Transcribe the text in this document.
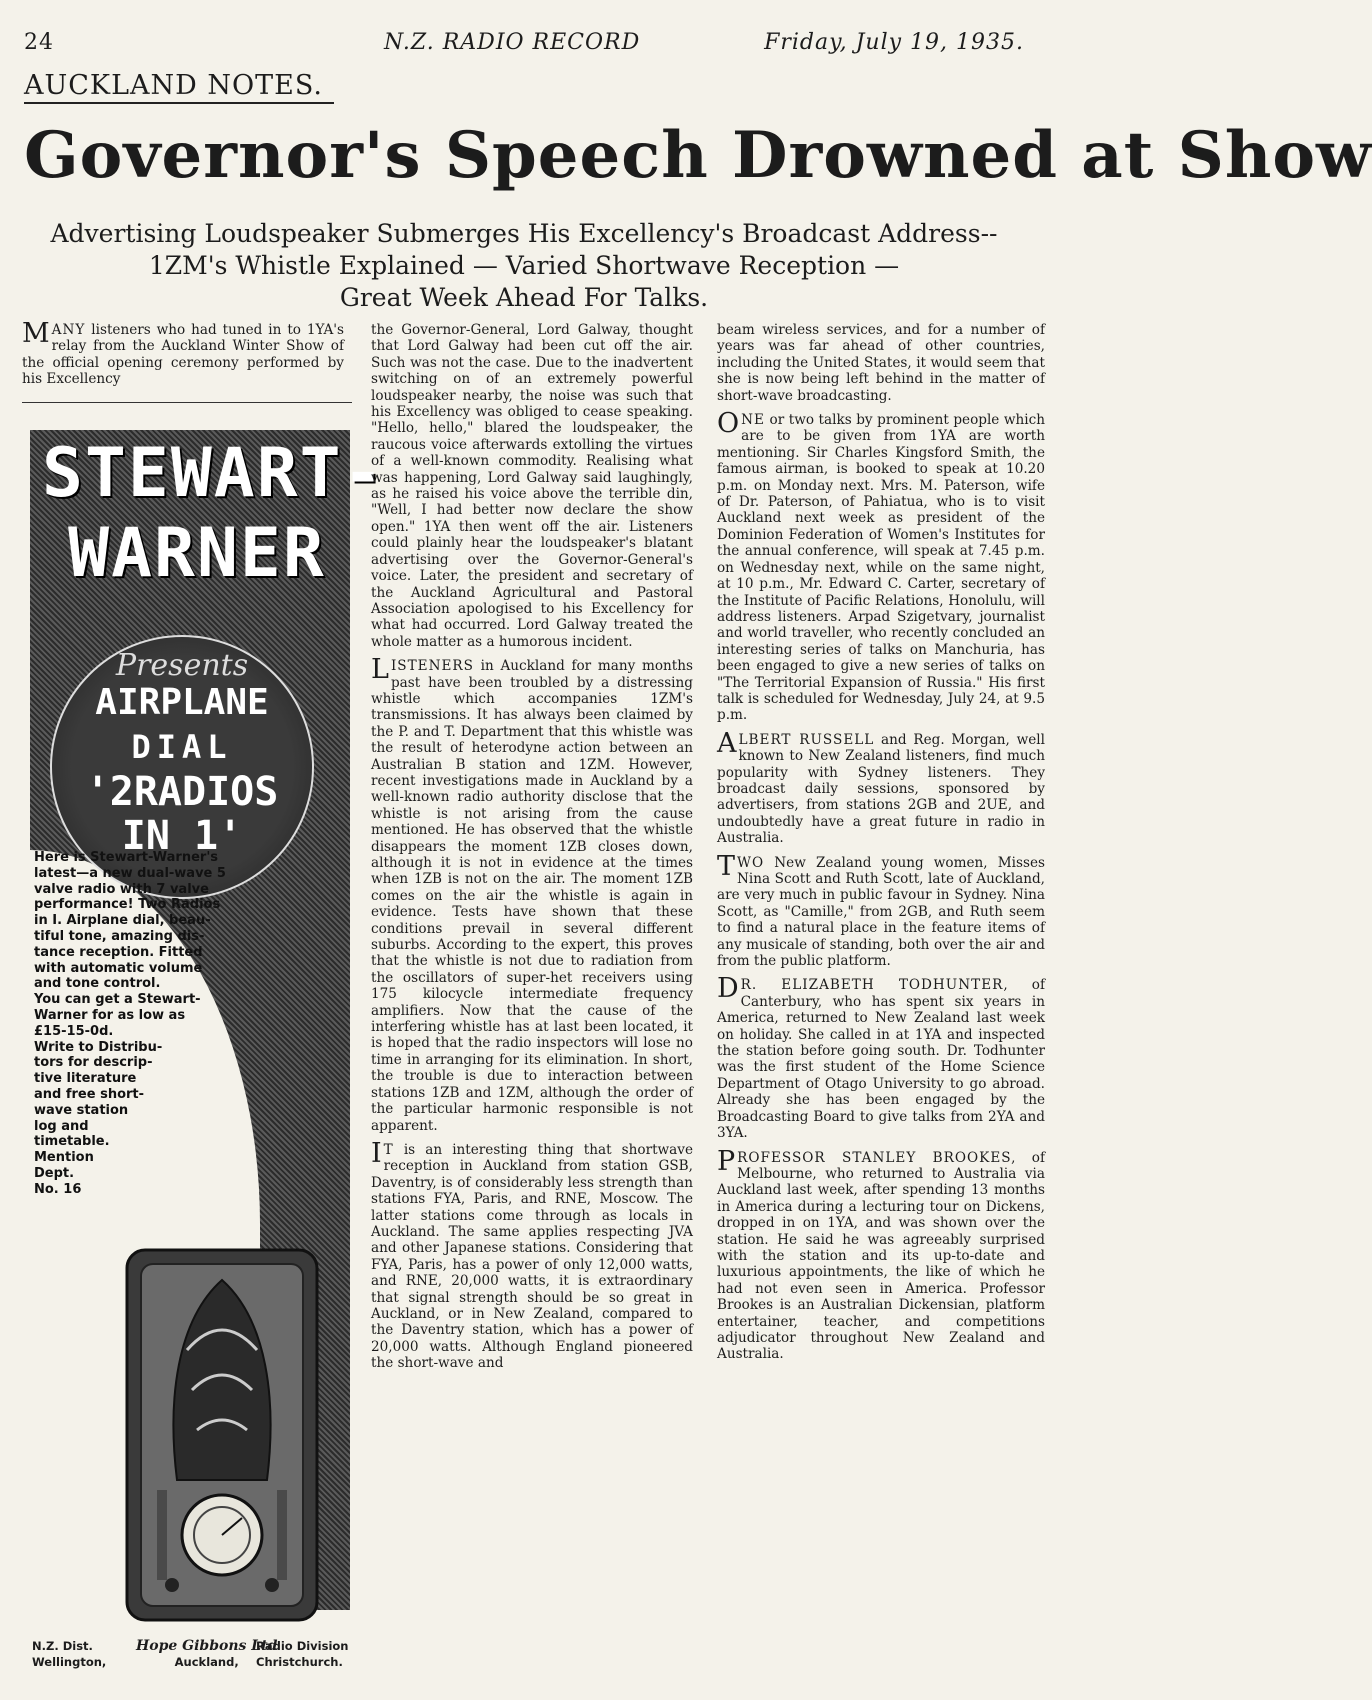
24	N.Z. RADIO RECORD	Friday, July 19, 1935.
AUCKLAND NOTES.
Governor's Speech Drowned at Show
Advertising Loudspeaker Submerges His Excellency's Broadcast Address--
1ZM's Whistle Explained — Varied Shortwave Reception —
Great Week Ahead For Talks.

MANY listeners who had tuned in to 1YA's relay from the Auckland Winter Show of the official opening ceremony performed by his Excellency

STEWART-
WARNER
Presents
AIRPLANE
DIAL
'2RADIOS
IN 1'
Here is Stewart-Warner's
latest—a new dual-wave 5
valve radio with 7 valve
performance! Two Radios
in I. Airplane dial, beau-
tiful tone, amazing dis-
tance reception. Fitted
with automatic volume
and tone control.
You can get a Stewart-
Warner for as low as
£15-15-0d.
Write to Distribu-
tors for descrip-
tive literature
and free short-
wave station
log and
timetable.
Mention
Dept.
No. 16
N.Z. Dist.
Wellington,
Hope Gibbons Ltd
Auckland,
Radio Division
Christchurch.

the Governor-General, Lord Galway, thought that Lord Galway had been cut off the air. Such was not the case. Due to the inadvertent switching on of an extremely powerful loudspeaker nearby, the noise was such that his Excellency was obliged to cease speaking. "Hello, hello," blared the loudspeaker, the raucous voice afterwards extolling the virtues of a well-known commodity. Realising what was happening, Lord Galway said laughingly, as he raised his voice above the terrible din, "Well, I had better now declare the show open." 1YA then went off the air. Listeners could plainly hear the loudspeaker's blatant advertising over the Governor-General's voice. Later, the president and secretary of the Auckland Agricultural and Pastoral Association apologised to his Excellency for what had occurred. Lord Galway treated the whole matter as a humorous incident.

LISTENERS in Auckland for many months past have been troubled by a distressing whistle which accompanies 1ZM's transmissions. It has always been claimed by the P. and T. Department that this whistle was the result of heterodyne action between an Australian B station and 1ZM. However, recent investigations made in Auckland by a well-known radio authority disclose that the whistle is not arising from the cause mentioned. He has observed that the whistle disappears the moment 1ZB closes down, although it is not in evidence at the times when 1ZB is not on the air. The moment 1ZB comes on the air the whistle is again in evidence. Tests have shown that these conditions prevail in several different suburbs. According to the expert, this proves that the whistle is not due to radiation from the oscillators of super-het receivers using 175 kilocycle intermediate frequency amplifiers. Now that the cause of the interfering whistle has at last been located, it is hoped that the radio inspectors will lose no time in arranging for its elimination. In short, the trouble is due to interaction between stations 1ZB and 1ZM, although the order of the particular harmonic responsible is not apparent.

I T is an interesting thing that shortwave reception in Auckland from station GSB, Daventry, is of considerably less strength than stations FYA, Paris, and RNE, Moscow. The latter stations come through as locals in Auckland. The same applies respecting JVA and other Japanese stations. Considering that FYA, Paris, has a power of only 12,000 watts, and RNE, 20,000 watts, it is extraordinary that signal strength should be so great in Auckland, or in New Zealand, compared to the Daventry station, which has a power of 20,000 watts. Although England pioneered the short-wave and

beam wireless services, and for a number of years was far ahead of other countries, including the United States, it would seem that she is now being left behind in the matter of short-wave broadcasting.

ONE or two talks by prominent people which are to be given from 1YA are worth mentioning. Sir Charles Kingsford Smith, the famous airman, is booked to speak at 10.20 p.m. on Monday next. Mrs. M. Paterson, wife of Dr. Paterson, of Pahiatua, who is to visit Auckland next week as president of the Dominion Federation of Women's Institutes for the annual conference, will speak at 7.45 p.m. on Wednesday next, while on the same night, at 10 p.m., Mr. Edward C. Carter, secretary of the Institute of Pacific Relations, Honolulu, will address listeners. Arpad Szigetvary, journalist and world traveller, who recently concluded an interesting series of talks on Manchuria, has been engaged to give a new series of talks on "The Territorial Expansion of Russia." His first talk is scheduled for Wednesday, July 24, at 9.5 p.m.

ALBERT RUSSELL and Reg. Morgan, well known to New Zealand listeners, find much popularity with Sydney listeners. They broadcast daily sessions, sponsored by advertisers, from stations 2GB and 2UE, and undoubtedly have a great future in radio in Australia.

TWO New Zealand young women, Misses Nina Scott and Ruth Scott, late of Auckland, are very much in public favour in Sydney. Nina Scott, as "Camille," from 2GB, and Ruth seem to find a natural place in the feature items of any musicale of standing, both over the air and from the public platform.

D R. ELIZABETH TODHUNTER, of Canterbury, who has spent six years in America, returned to New Zealand last week on holiday. She called in at 1YA and inspected the station before going south. Dr. Todhunter was the first student of the Home Science Department of Otago University to go abroad. Already she has been engaged by the Broadcasting Board to give talks from 2YA and 3YA.

PROFESSOR STANLEY BROOKES, of Melbourne, who returned to Australia via Auckland last week, after spending 13 months in America during a lecturing tour on Dickens, dropped in on 1YA, and was shown over the station. He said he was agreeably surprised with the station and its up-to-date and luxurious appointments, the like of which he had not even seen in America. Professor Brookes is an Australian Dickensian, platform entertainer, teacher, and competitions adjudicator throughout New Zealand and Australia.
